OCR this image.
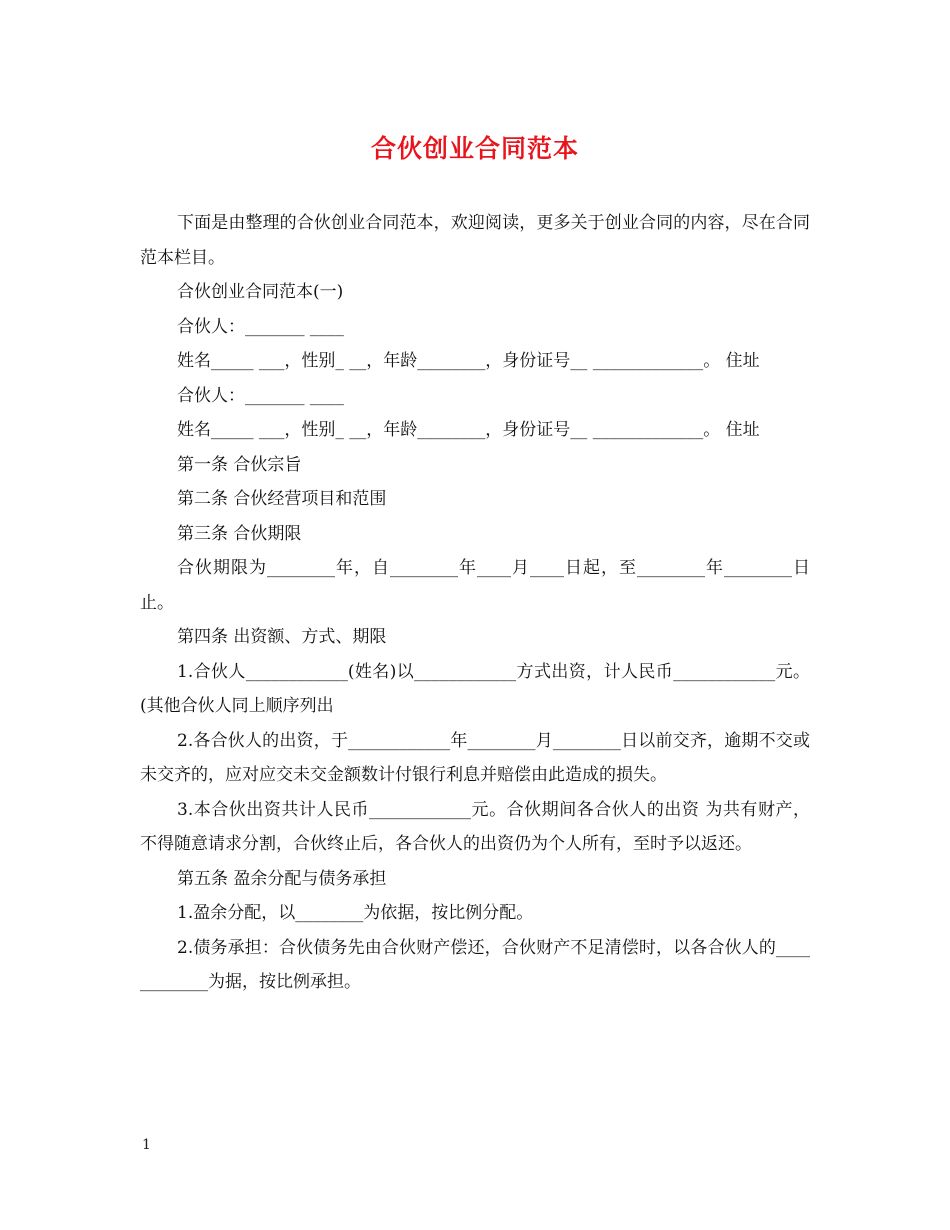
合伙创业合同范本

下面是由整理的合伙创业合同范本，欢迎阅读，更多关于创业合同的内容，尽在合同范本栏目。

合伙创业合同范本(一)

合伙人：_______ ____

姓名_____ ___，性别_ __，年龄________，身份证号__ _____________。 住址

合伙人：_______ ____

姓名_____ ___，性别_ __，年龄________，身份证号__ _____________。 住址

第一条 合伙宗旨

第二条 合伙经营项目和范围

第三条 合伙期限

合伙期限为________年，自________年____月____日起，至________年________日止。

第四条 出资额、方式、期限

1.合伙人____________(姓名)以____________方式出资，计人民币____________元。 (其他合伙人同上顺序列出

2.各合伙人的出资，于____________年________月________日以前交齐，逾期不交或未交齐的，应对应交未交金额数计付银行利息并赔偿由此造成的损失。

3.本合伙出资共计人民币____________元。合伙期间各合伙人的出资 为共有财产，不得随意请求分割，合伙终止后，各合伙人的出资仍为个人所有，至时予以返还。

第五条 盈余分配与债务承担

1.盈余分配，以________为依据，按比例分配。

2.债务承担：合伙债务先由合伙财产偿还，合伙财产不足清偿时，以各合伙人的____________为据，按比例承担。

1
